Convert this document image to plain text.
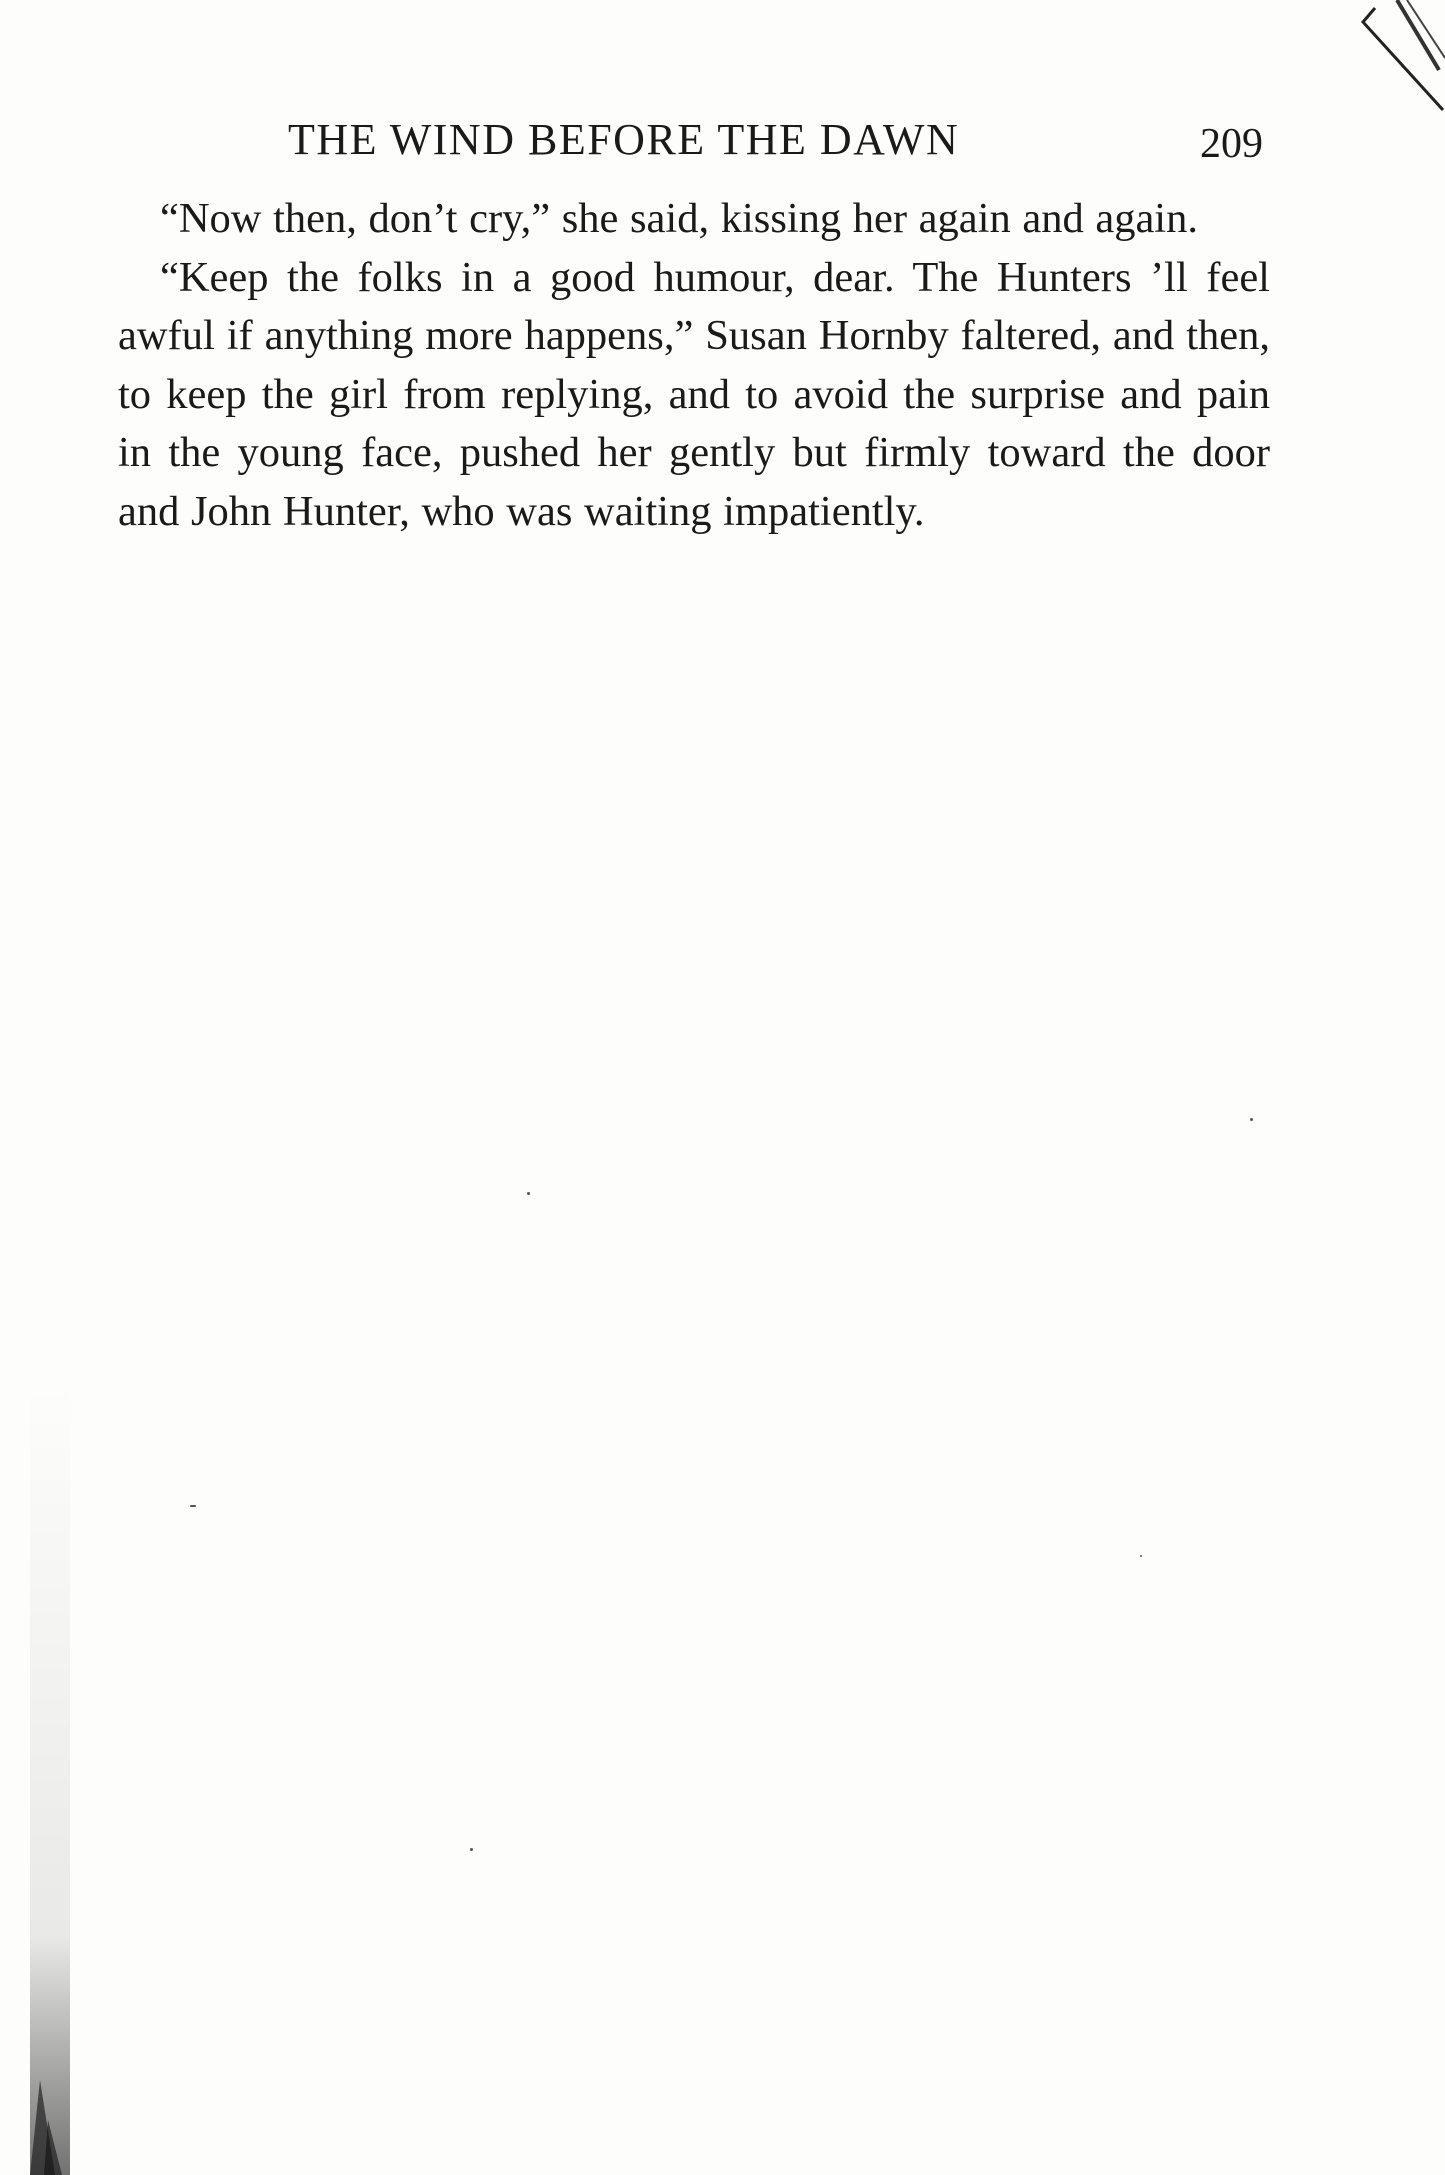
THE WIND BEFORE THE DAWN	209

“Now then, don’t cry,” she said, kissing her again and again.

“Keep the folks in a good humour, dear. The Hunters ’ll feel awful if anything more happens,” Susan Hornby faltered, and then, to keep the girl from replying, and to avoid the surprise and pain in the young face, pushed her gently but firmly toward the door and John Hunter, who was waiting impatiently.
